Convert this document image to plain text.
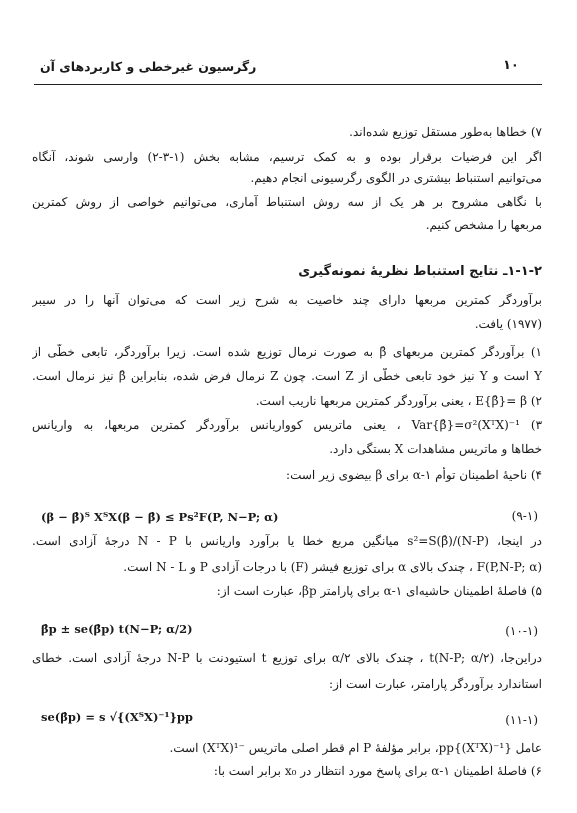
رگرسیون غیرخطی و کاربردهای آن	۱۰
۷) خطاها به‌طور مستقل توزیع شده‌اند.
اگر این فرضیات برقرار بوده و به کمک ترسیم، مشابه بخش (۱-۳-۲) وارسی شوند، آنگاه
می‌توانیم استنباط بیشتری در الگوی رگرسیونی انجام دهیم.
با نگاهی مشروح بر هر یک از سه روش استنباط آماری، می‌توانیم خواصی از روش کمترین
مربعها را مشخص کنیم.
۱-۱-۲ـ نتایج استنباط نظریهٔ نمونه‌گیری
برآوردگر کمترین مربعها دارای چند خاصیت به شرح زیر است که می‌توان آنها را در سیبر
(۱۹۷۷) یافت.
۱) برآوردگر کمترین مربعهای β̂ به صورت نرمال توزیع شده است. زیرا برآوردگر، تابعی خطّی از
Y است و Y نیز خود تابعی خطّی از Z است. چون Z نرمال فرض شده، بنابراین β̂ نیز نرمال است.
۲) E{β̂}= β ، یعنی برآوردگر کمترین مربعها ناریب است.
۳) Var{β̂}=σ²(XᵀX)⁻¹ ، یعنی ماتریس کوواریانس برآوردگر کمترین مربعها، به واریانس
خطاها و ماتریس مشاهدات X بستگی دارد.
۴) ناحیهٔ اطمینان توأم α-۱ برای β بیضوی زیر است:
(β − β̂)ᵀ XᵀX(β − β̂) ≤ Ps²F(P, N−P; α)	(۹-۱)
در اینجا، s²=S(β̂)/(N-P) میانگین مربع خطا یا برآورد واریانس با N - P درجهٔ آزادی است.
F(P,N-P; α) ، چندک بالای α برای توزیع فیشر (F) با درجات آزادی P و N - L است.
۵) فاصلهٔ اطمینان حاشیه‌ای α-۱ برای پارامتر βp، عبارت است از:
β̂p ± se(β̂p) t(N−P; α/2)	(۱۰-۱)
دراین‌جا، t(N-P; α/۲) ، چندک بالای α/۲ برای توزیع t استیودنت با N-P درجهٔ آزادی است. خطای
استاندارد برآوردگر پارامتر، عبارت است از:
se(β̂p) = s √{(XᵀX)⁻¹}pp	(۱۱-۱)
عامل pp{(XᵀX)⁻¹}، برابر مؤلفهٔ P ام قطر اصلی ماتریس ⁻¹(XᵀX) است.
۶) فاصلهٔ اطمینان α-۱ برای پاسخ مورد انتظار در x₀ برابر است با:
